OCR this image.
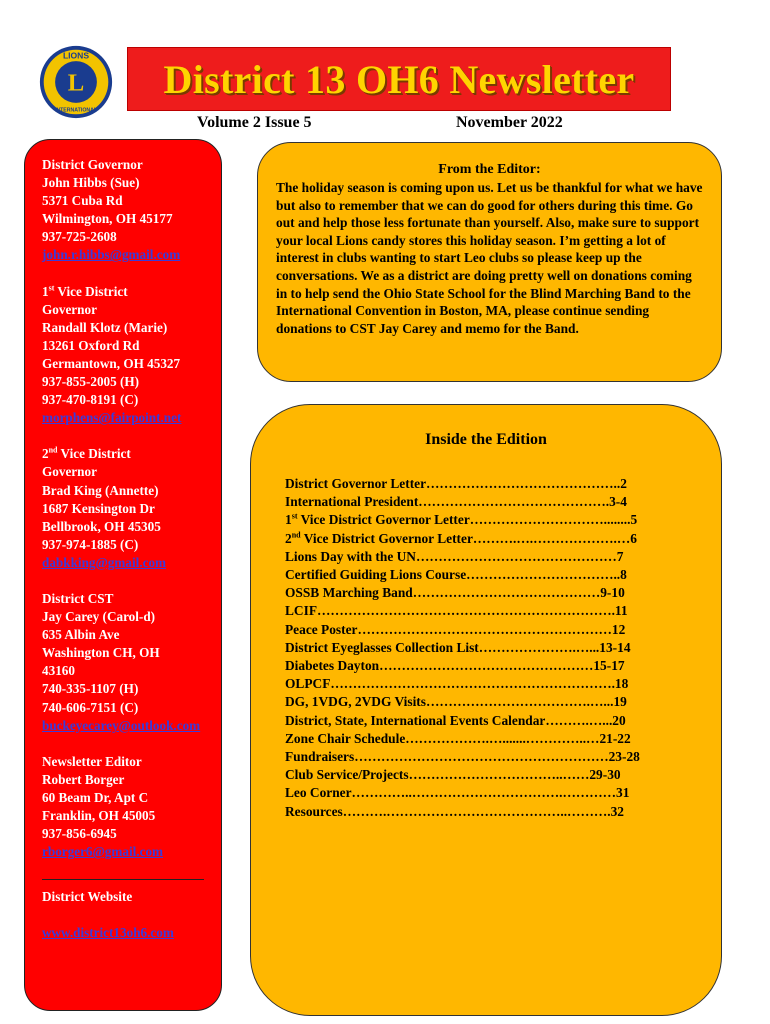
LIONS
L
INTERNATIONAL
District 13 OH6 Newsletter
Volume 2 Issue 5	November 2022
District Governor
John Hibbs (Sue)
5371 Cuba Rd
Wilmington, OH 45177
937-725-2608
john.r.hibbs@gmail.com
1st Vice District
Governor
Randall Klotz (Marie)
13261 Oxford Rd
Germantown, OH 45327
937-855-2005 (H)
937-470-8191 (C)
morphens@fairpoint.net
2nd Vice District
Governor
Brad King (Annette)
1687 Kensington Dr
Bellbrook, OH 45305
937-974-1885 (C)
dabkking@gmail.com
District CST
Jay Carey (Carol-d)
635 Albin Ave
Washington CH, OH
43160
740-335-1107 (H)
740-606-7151 (C)
buckeyecarey@outlook.com
Newsletter Editor
Robert Borger
60 Beam Dr, Apt C
Franklin, OH 45005
937-856-6945
rborger6@gmail.com
District Website

www.district13oh6.com
From the Editor:

The holiday season is coming upon us. Let us be thankful for what we have but also to remember that we can do good for others during this time. Go out and help those less fortunate than yourself. Also, make sure to support your local Lions candy stores this holiday season. I’m getting a lot of interest in clubs wanting to start Leo clubs so please keep up the conversations. We as a district are doing pretty well on donations coming in to help send the Ohio State School for the Blind Marching Band to the International Convention in Boston, MA, please continue sending donations to CST Jay Carey and memo for the Band.

Inside the Edition
District Governor Letter……………………………………..2
International President…………………………………….3-4
1st Vice District Governor Letter…………………………........5
2nd Vice District Governor Letter……….….……………….…6
Lions Day with the UN………………………………………7
Certified Guiding Lions Course……………………………..8
OSSB Marching Band……………………………………9-10
LCIF………………………………………………………….11
Peace Poster…………………………………………………12
District Eyeglasses Collection List………………….…...13-14
Diabetes Dayton…………………………………………15-17
OLPCF……………………………………………………….18
DG, 1VDG, 2VDG Visits……………………………….…...19
District, State, International Events Calendar……….…...20
Zone Chair Schedule……………….….......…………..…21-22
Fundraisers…………………………………………………23-28
Club Service/Projects……………………………..……29-30
Leo Corner…………..…………………………….…………31
Resources……….…………………………………..……….32
